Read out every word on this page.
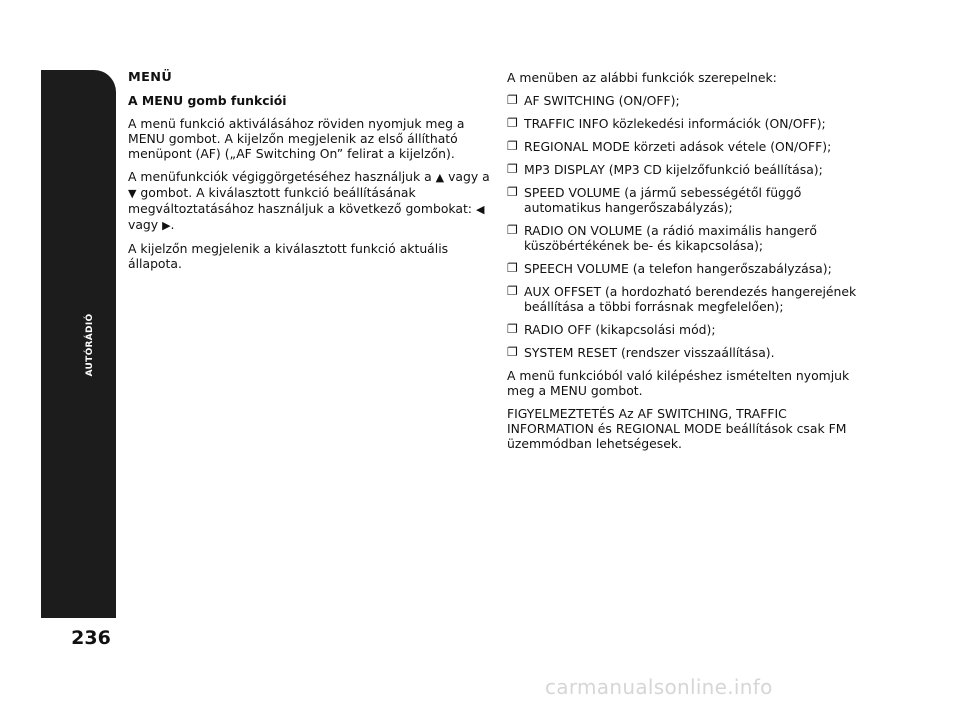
AUTÓRÁDIÓ
236
MENÜ
A MENU gomb funkciói

A menü funkció aktiválásához röviden nyomjuk meg a MENU gombot. A kijelzőn megjelenik az első állítható menüpont (AF) („AF Switching On” felirat a kijelzőn).

A menüfunkciók végiggörgetéséhez használjuk a ▲ vagy a ▼ gombot. A kiválasztott funkció beállításának megváltoztatásához használjuk a következő gombokat: ◀ vagy ▶.

A kijelzőn megjelenik a kiválasztott funkció aktuális állapota.

A menüben az alábbi funkciók szerepelnek:

❐ AF SWITCHING (ON/OFF);
❐ TRAFFIC INFO közlekedési információk (ON/OFF);
❐ REGIONAL MODE körzeti adások vétele (ON/OFF);
❐ MP3 DISPLAY (MP3 CD kijelzőfunkció beállítása);
❐ SPEED VOLUME (a jármű sebességétől függő automatikus hangerőszabályzás);
❐ RADIO ON VOLUME (a rádió maximális hangerő küszöbértékének be- és kikapcsolása);
❐ SPEECH VOLUME (a telefon hangerőszabályzása);
❐ AUX OFFSET (a hordozható berendezés hangerejének beállítása a többi forrásnak megfelelően);
❐ RADIO OFF (kikapcsolási mód);
❐ SYSTEM RESET (rendszer visszaállítása).

A menü funkcióból való kilépéshez ismételten nyomjuk meg a MENU gombot.

FIGYELMEZTETÉS Az AF SWITCHING, TRAFFIC INFORMATION és REGIONAL MODE beállítások csak FM üzemmódban lehetségesek.

carmanualsonline.info
